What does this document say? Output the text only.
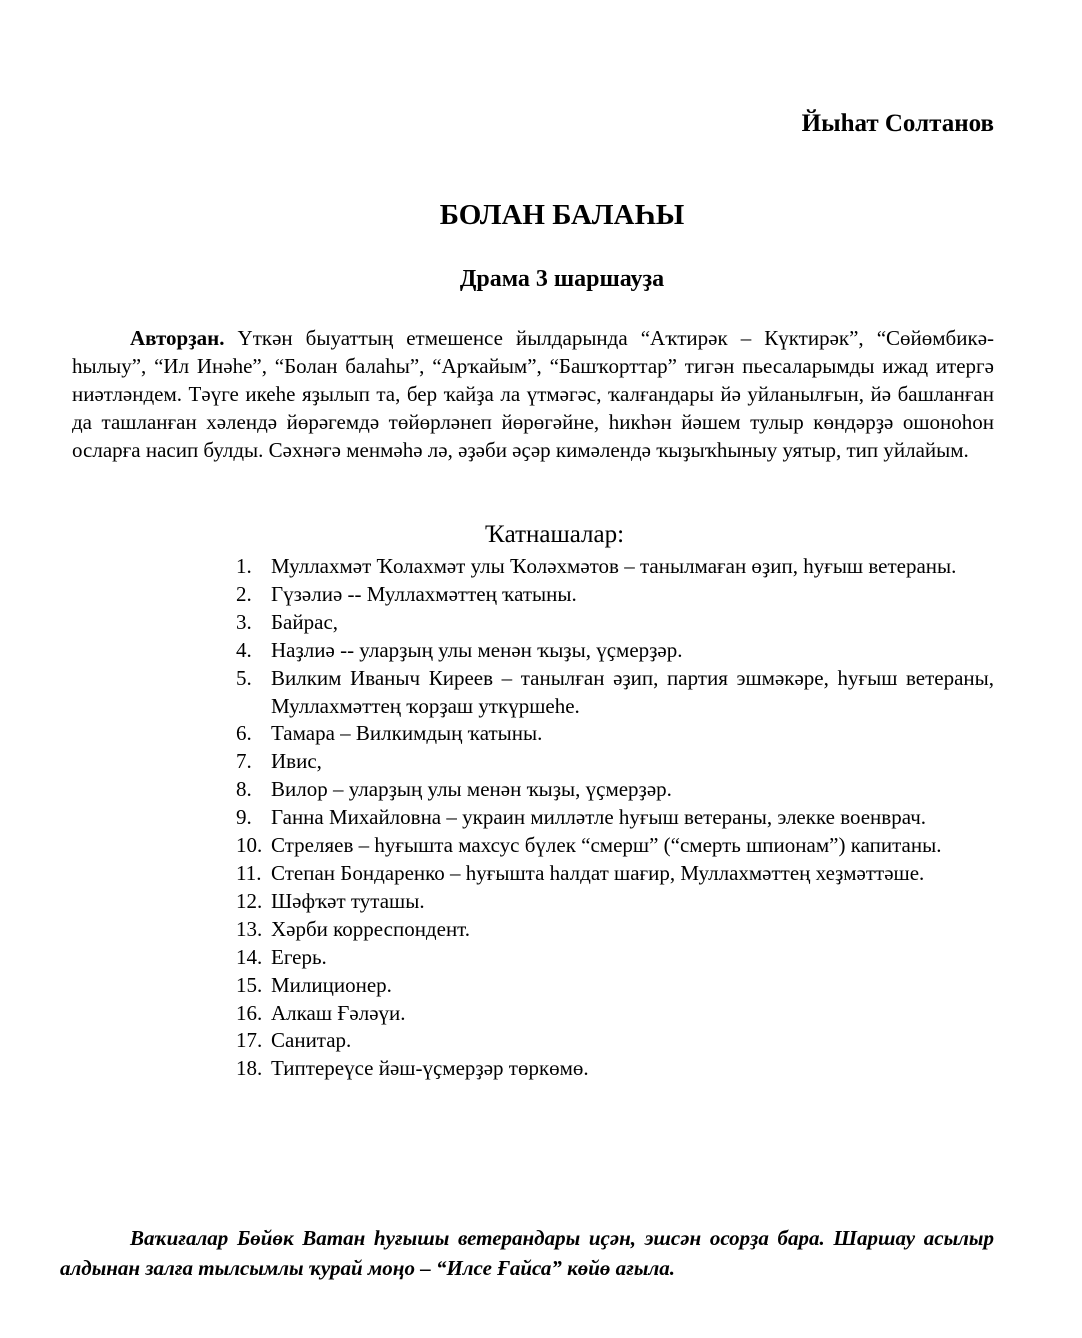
Йыһат Солтанов
БОЛАН БАЛАҺЫ
Драма 3 шаршауҙа

Авторҙан. Үткән быуаттың етмешенсе йылдарында “Аҡтирәк – Күктирәк”, “Сөйөмбикә-һылыу”, “Ил Инәһе”, “Болан балаһы”, “Арҡайым”, “Башҡорттар” тигән пьесаларымды ижад итергә ниәтләндем. Тәүге икеһе яҙылып та, бер ҡайҙа ла үтмәгәс, ҡалғандары йә уйланылғын, йә башланған да ташланған хәлендә йөрәгемдә төйөрләнеп йөрөгәйне, һикһән йәшем тулыр көндәрҙә ошоноһон осларға насип булды. Сәхнәгә менмәһә лә, әҙәби әҫәр кимәлендә ҡыҙыҡһыныу уятыр, тип уйлайым.

Ҡатнашалар:
1. Муллахмәт Ҡолахмәт улы Ҡоләхмәтов – танылмаған өҙип, һуғыш ветераны.
2. Гүзәлиә -- Муллахмәттең ҡатыны.
3. Байрас,
4. Наҙлиә -- уларҙың улы менән ҡыҙы, үҫмерҙәр.
5. Вилким Иваныч Киреев – танылған әҙип, партия эшмәкәре, һуғыш ветераны, Муллахмәттең ҡорҙаш уткүршеһе.
6. Тамара – Вилкимдың ҡатыны.
7. Ивис,
8. Вилор – уларҙың улы менән ҡыҙы, үҫмерҙәр.
9. Ганна Михайловна – украин милләтле һуғыш ветераны, элекке военврач.
10. Стреляев – һуғышта махсус бүлек “смерш” (“смерть шпионам”) капитаны.
11. Степан Бондаренко – һуғышта һалдат шағир, Муллахмәттең хеҙмәттәше.
12. Шәфҡәт туташы.
13. Хәрби корреспондент.
14. Егерь.
15. Милиционер.
16. Алкаш Ғәләүи.
17. Санитар.
18. Типтереүсе йәш-үҫмерҙәр төркөмө.

Ваҡиғалар Бөйөк Ватан һуғышы ветерандары иҫән, эшсән осорҙа бара. Шаршау асылыр алдынан залға тылсымлы ҡурай моңо – “Илсе Ғайса” көйө ағыла.
